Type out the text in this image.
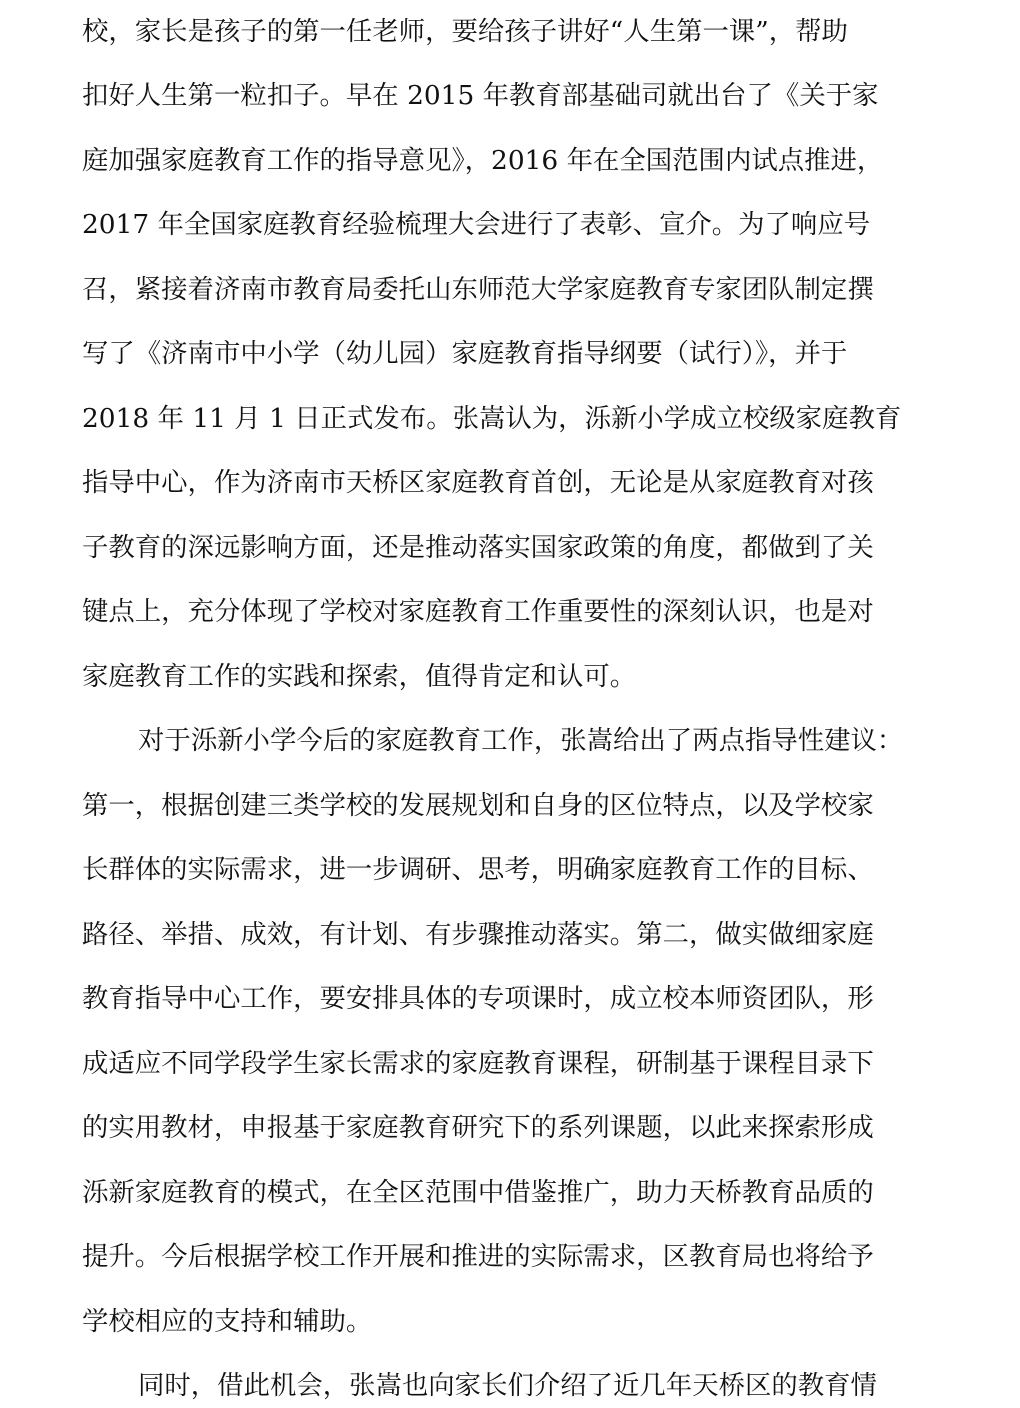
校，家长是孩子的第一任老师，要给孩子讲好“人生第一课”，帮助
扣好人生第一粒扣子。早在 2015 年教育部基础司就出台了《关于家
庭加强家庭教育工作的指导意见》，2016 年在全国范围内试点推进，
2017 年全国家庭教育经验梳理大会进行了表彰、宣介。为了响应号
召，紧接着济南市教育局委托山东师范大学家庭教育专家团队制定撰
写了《济南市中小学（幼儿园）家庭教育指导纲要（试行）》，并于
2018 年 11 月 1 日正式发布。张嵩认为，泺新小学成立校级家庭教育
指导中心，作为济南市天桥区家庭教育首创，无论是从家庭教育对孩
子教育的深远影响方面，还是推动落实国家政策的角度，都做到了关
键点上，充分体现了学校对家庭教育工作重要性的深刻认识，也是对
家庭教育工作的实践和探索，值得肯定和认可。
对于泺新小学今后的家庭教育工作，张嵩给出了两点指导性建议：
第一，根据创建三类学校的发展规划和自身的区位特点，以及学校家
长群体的实际需求，进一步调研、思考，明确家庭教育工作的目标、
路径、举措、成效，有计划、有步骤推动落实。第二，做实做细家庭
教育指导中心工作，要安排具体的专项课时，成立校本师资团队，形
成适应不同学段学生家长需求的家庭教育课程，研制基于课程目录下
的实用教材，申报基于家庭教育研究下的系列课题，以此来探索形成
泺新家庭教育的模式，在全区范围中借鉴推广，助力天桥教育品质的
提升。今后根据学校工作开展和推进的实际需求，区教育局也将给予
学校相应的支持和辅助。
同时，借此机会，张嵩也向家长们介绍了近几年天桥区的教育情
